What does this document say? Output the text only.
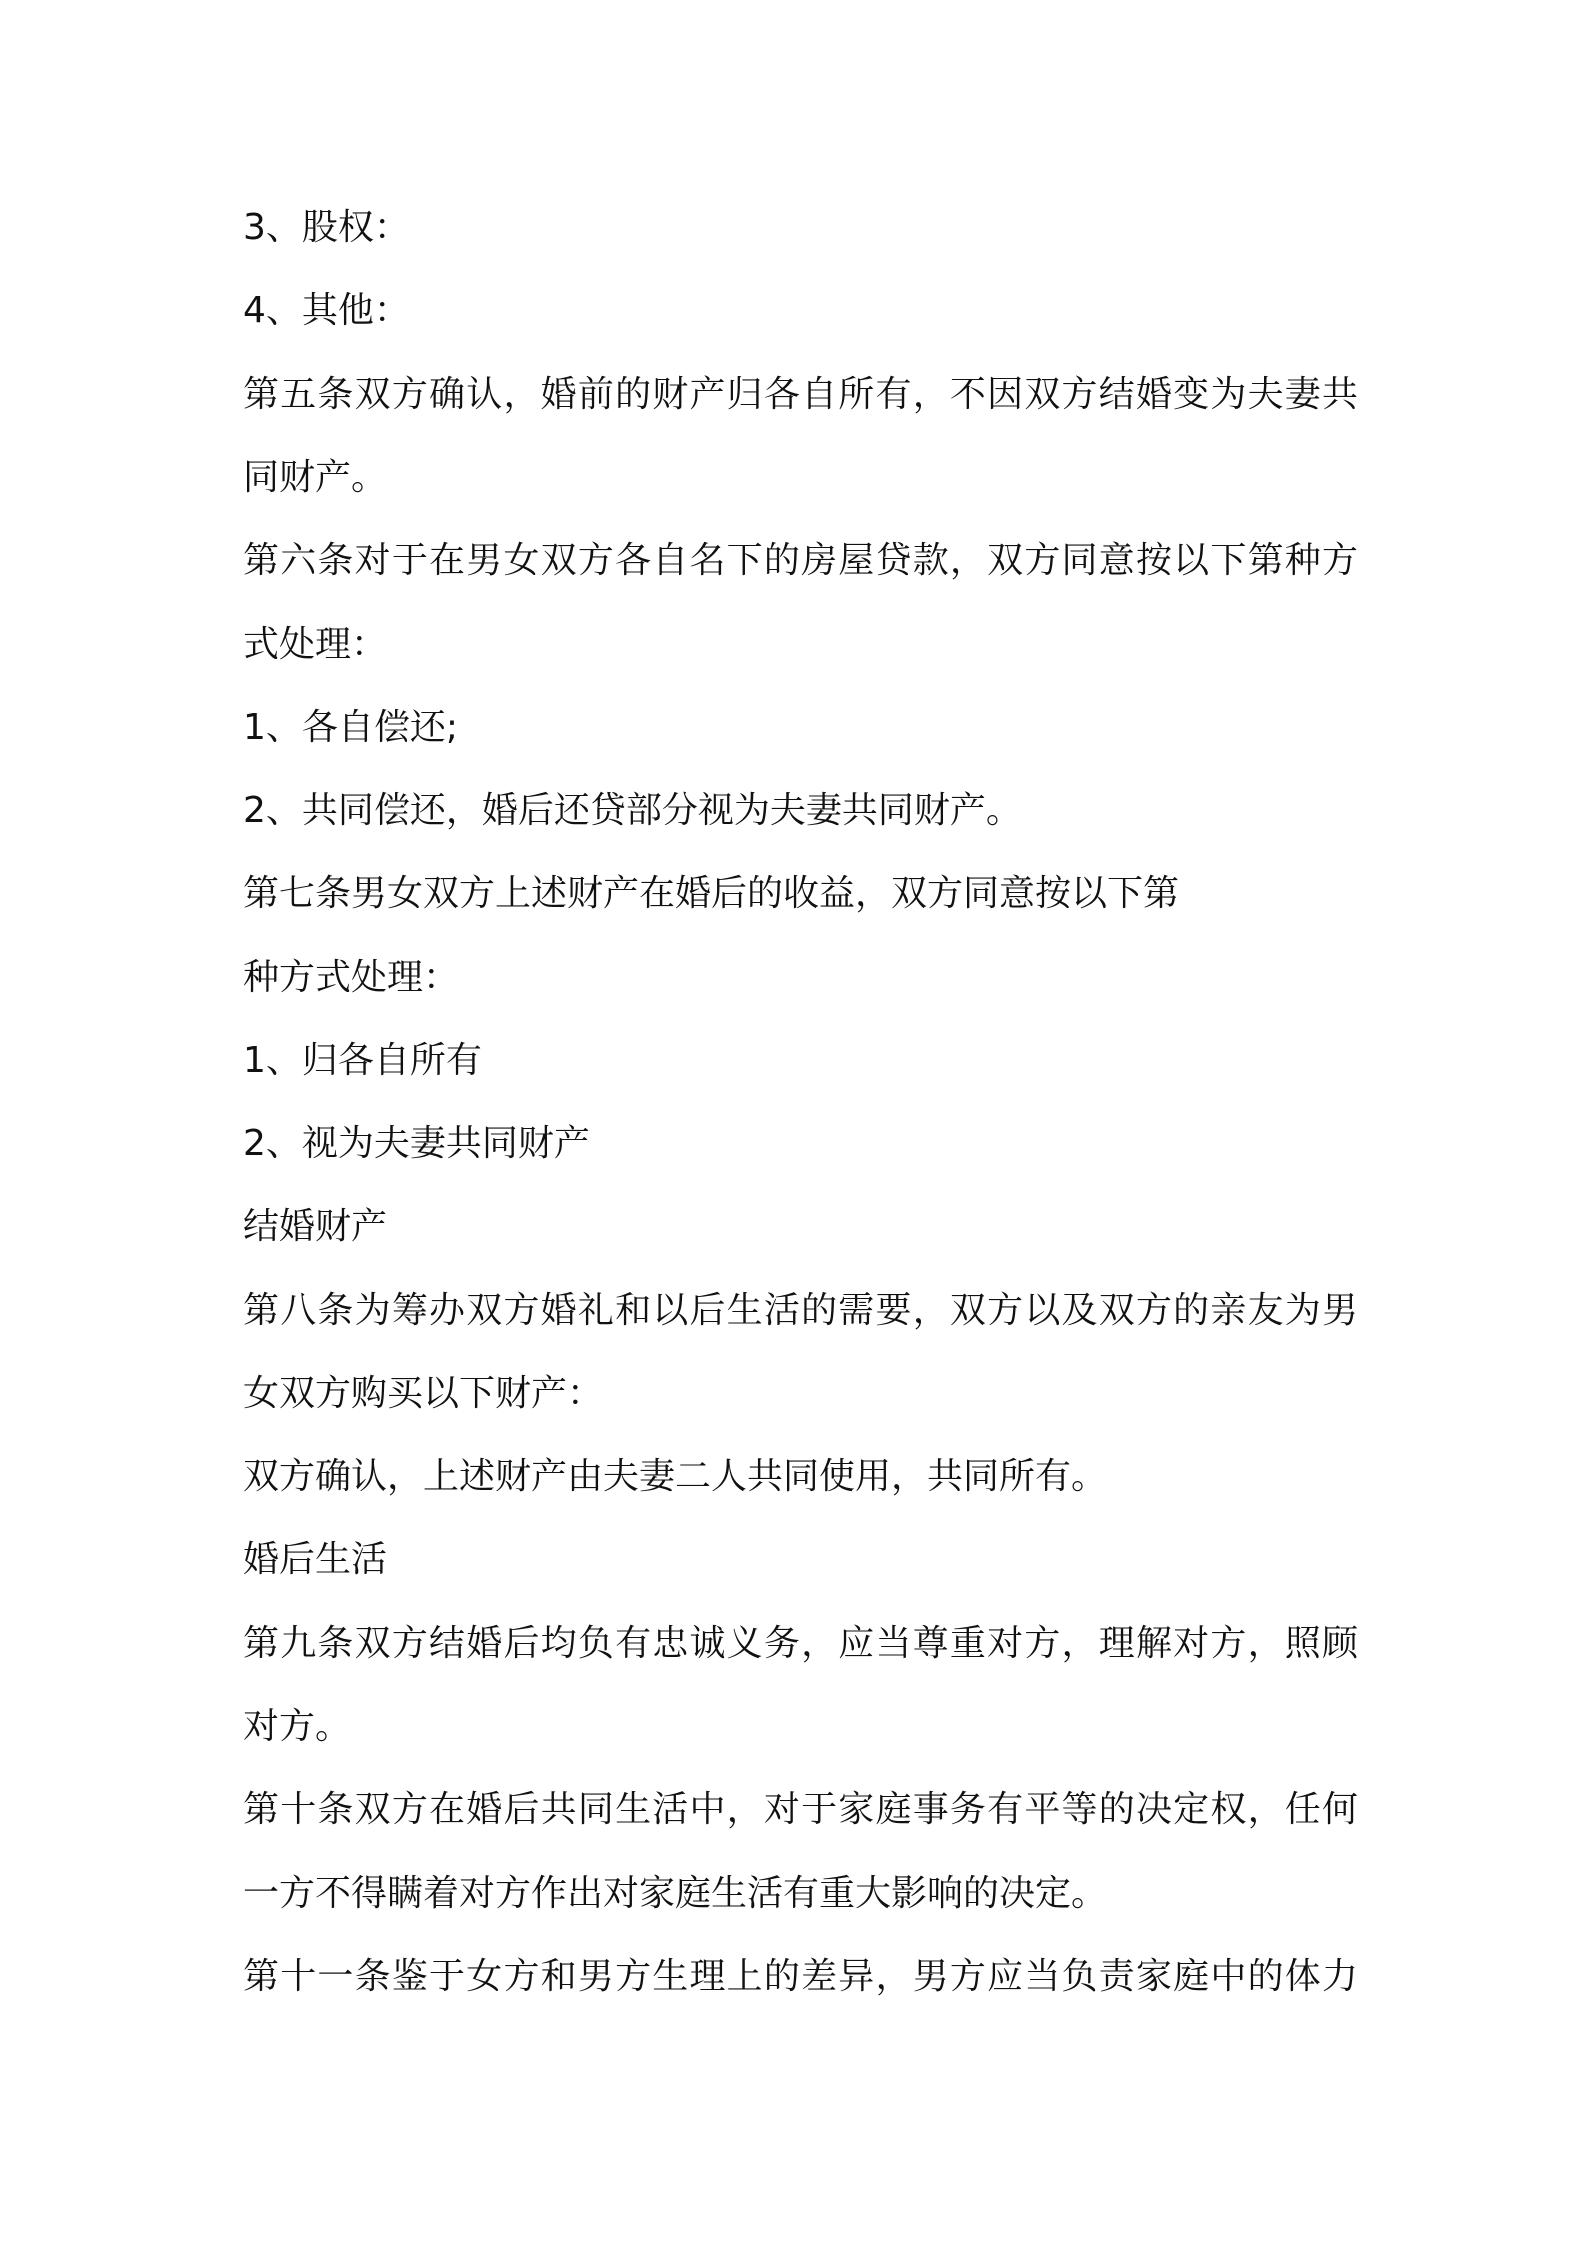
3、股权：
4、其他：
第五条双方确认，婚前的财产归各自所有，不因双方结婚变为夫妻共
同财产。
第六条对于在男女双方各自名下的房屋贷款，双方同意按以下第种方
式处理：
1、各自偿还;
2、共同偿还，婚后还贷部分视为夫妻共同财产。
第七条男女双方上述财产在婚后的收益，双方同意按以下第
种方式处理：
1、归各自所有
2、视为夫妻共同财产
结婚财产
第八条为筹办双方婚礼和以后生活的需要，双方以及双方的亲友为男
女双方购买以下财产：
双方确认，上述财产由夫妻二人共同使用，共同所有。
婚后生活
第九条双方结婚后均负有忠诚义务，应当尊重对方，理解对方，照顾
对方。
第十条双方在婚后共同生活中，对于家庭事务有平等的决定权，任何
一方不得瞒着对方作出对家庭生活有重大影响的决定。
第十一条鉴于女方和男方生理上的差异，男方应当负责家庭中的体力
